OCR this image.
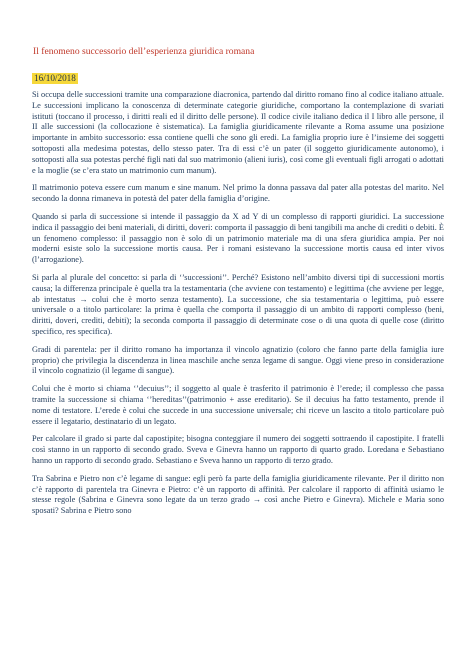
Il fenomeno successorio dell’esperienza giuridica romana
16/10/2018

Si occupa delle successioni tramite una comparazione diacronica, partendo dal diritto romano fino al codice italiano attuale. Le successioni implicano la conoscenza di determinate categorie giuridiche, comportano la contemplazione di svariati istituti (toccano il processo, i diritti reali ed il diritto delle persone). Il codice civile italiano dedica il I libro alle persone, il II alle successioni (la collocazione è sistematica). La famiglia giuridicamente rilevante a Roma assume una posizione importante in ambito successorio: essa contiene quelli che sono gli eredi. La famiglia proprio iure è l’insieme dei soggetti sottoposti alla medesima potestas, dello stesso pater. Tra di essi c’è un pater (il soggetto giuridicamente autonomo), i sottoposti alla sua potestas perché figli nati dal suo matrimonio (alieni iuris), così come gli eventuali figli arrogati o adottati e la moglie (se c’era stato un matrimonio cum manum).

Il matrimonio poteva essere cum manum e sine manum. Nel primo la donna passava dal pater alla potestas del marito. Nel secondo la donna rimaneva in potestà del pater della famiglia d’origine.

Quando si parla di successione si intende il passaggio da X ad Y di un complesso di rapporti giuridici. La successione indica il passaggio dei beni materiali, di diritti, doveri: comporta il passaggio di beni tangibili ma anche di crediti o debiti. È un fenomeno complesso: il passaggio non è solo di un patrimonio materiale ma di una sfera giuridica ampia. Per noi moderni esiste solo la successione mortis causa. Per i romani esistevano la successione mortis causa ed inter vivos (l’arrogazione).

Si parla al plurale del concetto: si parla di ‘’successioni’’. Perché? Esistono nell’ambito diversi tipi di successioni mortis causa; la differenza principale è quella tra la testamentaria (che avviene con testamento) e legittima (che avviene per legge, ab intestatus → colui che è morto senza testamento). La successione, che sia testamentaria o legittima, può essere universale o a titolo particolare: la prima è quella che comporta il passaggio di un ambito di rapporti complesso (beni, diritti, doveri, crediti, debiti); la seconda comporta il passaggio di determinate cose o di una quota di quelle cose (diritto specifico, res specifica).

Gradi di parentela: per il diritto romano ha importanza il vincolo agnatizio (coloro che fanno parte della famiglia iure proprio) che privilegia la discendenza in linea maschile anche senza legame di sangue. Oggi viene preso in considerazione il vincolo cognatizio (il legame di sangue).

Colui che è morto si chiama ‘’decuius’’; il soggetto al quale è trasferito il patrimonio è l’erede; il complesso che passa tramite la successione si chiama ‘’hereditas’’(patrimonio + asse ereditario). Se il decuius ha fatto testamento, prende il nome di testatore. L’erede è colui che succede in una successione universale; chi riceve un lascito a titolo particolare può essere il legatario, destinatario di un legato.

Per calcolare il grado si parte dal capostipite; bisogna conteggiare il numero dei soggetti sottraendo il capostipite. I fratelli così stanno in un rapporto di secondo grado. Sveva e Ginevra hanno un rapporto di quarto grado. Loredana e Sebastiano hanno un rapporto di secondo grado. Sebastiano e Sveva hanno un rapporto di terzo grado.

Tra Sabrina e Pietro non c’è legame di sangue: egli però fa parte della famiglia giuridicamente rilevante. Per il diritto non c’è rapporto di parentela tra Ginevra e Pietro: c’è un rapporto di affinità. Per calcolare il rapporto di affinità usiamo le stesse regole (Sabrina e Ginevra sono legate da un terzo grado → così anche Pietro e Ginevra). Michele e Maria sono sposati? Sabrina e Pietro sono
